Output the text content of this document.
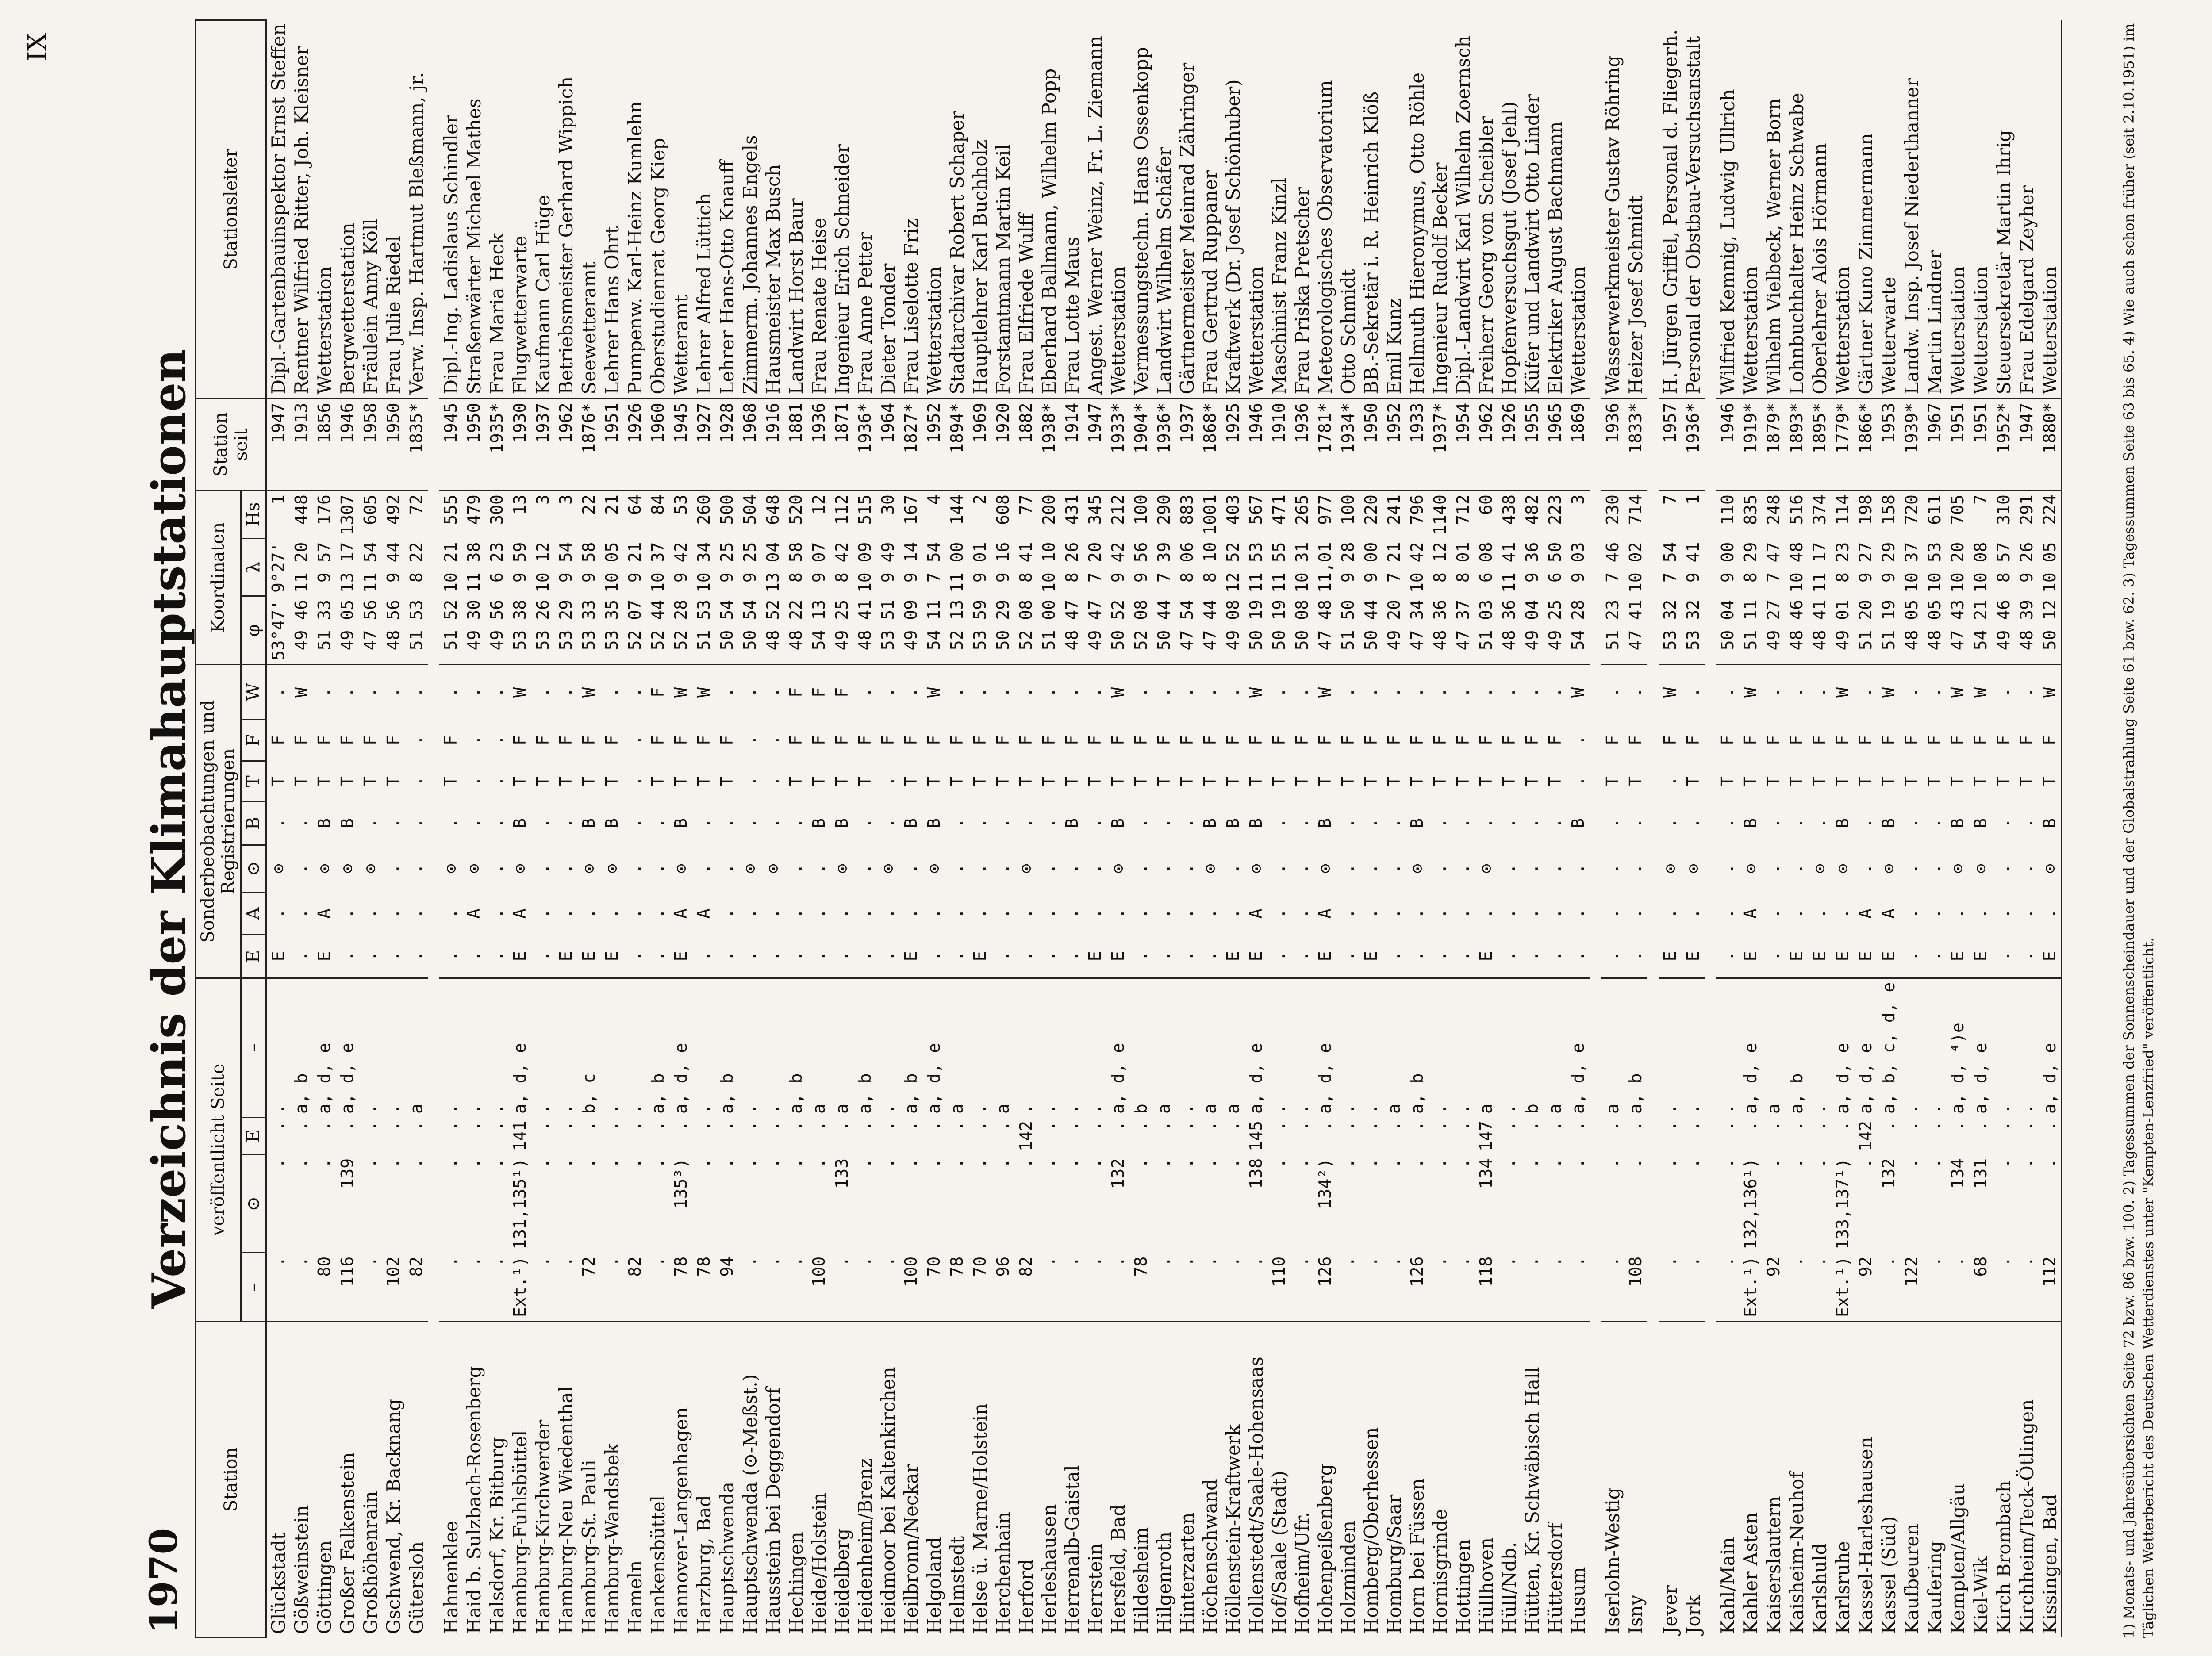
IX
1970
Verzeichnis der Klimahauptstationen
Station	veröffentlicht Seite				Sonderbeobachtungen und Registrierungen							Koordinaten			Station seit	Stationsleiter
	–	⊙	E	–	E	A	⊙	B	T	F	W	φ	λ	Hs		

Glückstadt	.	.	.	.	E	.	⊙	.	T	F	.	53°47'	9°27'	1	1947	Dipl.-Gartenbauinspektor Ernst Steffen
Gößweinstein	.	.	.	a, b	.	.	.	.	T	F	W	49 46	11 20	448	1913	Rentner Wilfried Ritter, Joh. Kleisner
Göttingen	80	.	.	a, d, e	E	A	⊙	B	T	F	.	51 33	9 57	176	1856	Wetterstation
Großer Falkenstein	116	139	.	a, d, e	.	.	⊙	B	T	F	.	49 05	13 17	1307	1946	Bergwetterstation
Großhöhenrain	.	.	.	.	.	.	⊙	.	T	F	.	47 56	11 54	605	1958	Fräulein Anny Köll
Gschwend, Kr. Backnang	102	.	.	.	.	.	.	.	T	F	.	48 56	9 44	492	1950	Frau Julie Riedel
Gütersloh	82	.	.	a	.	.	.	.	.	.	.	51 53	8 22	72	1835*	Verw. Insp. Hartmut Bleßmann, jr.

Hahnenklee	.	.	.	.	.	.	⊙	.	T	F	.	51 52	10 21	555	1945	Dipl.-Ing. Ladislaus Schindler
Haid b. Sulzbach-Rosenberg	.	.	.	.	.	A	⊙	.	.	.	.	49 30	11 38	479	1950	Straßenwärter Michael Mathes
Halsdorf, Kr. Bitburg	.	.	.	.	.	.	.	.	.	.	.	49 56	6 23	300	1935*	Frau Maria Heck
Hamburg-Fuhlsbüttel	Ext.¹)	131,135¹)	141	a, d, e	E	A	⊙	B	T	F	W	53 38	9 59	13	1930	Flugwetterwarte
Hamburg-Kirchwerder	.	.	.	.	.	.	.	.	T	F	.	53 26	10 12	3	1937	Kaufmann Carl Hüge
Hamburg-Neu Wiedenthal	.	.	.	.	E	.	.	.	T	F	.	53 29	9 54	3	1962	Betriebsmeister Gerhard Wippich
Hamburg-St. Pauli	72	.	.	b, c	E	.	⊙	B	T	F	W	53 33	9 58	22	1876*	Seewetteramt
Hamburg-Wandsbek	.	.	.	.	E	.	⊙	B	T	F	.	53 35	10 05	21	1951	Lehrer Hans Ohrt
Hameln	82	.	.	.	.	.	.	.	.	.	.	52 07	9 21	64	1926	Pumpenw. Karl-Heinz Kumlehn
Hankensbüttel	.	.	.	a, b	.	.	.	.	T	F	F	52 44	10 37	84	1960	Oberstudienrat Georg Kiep
Hannover-Langenhagen	78	135³)	.	a, d, e	E	A	⊙	B	T	F	W	52 28	9 42	53	1945	Wetteramt
Harzburg, Bad	78	.	.	.	.	A	.	.	T	F	W	51 53	10 34	260	1927	Lehrer Alfred Lüttich
Hauptschwenda	94	.	.	a, b	.	.	.	.	T	F	.	50 54	9 25	500	1928	Lehrer Hans-Otto Knauff
Hauptschwenda (⊙-Meßst.)	.	.	.	.	.	.	⊙	.	.	.	.	50 54	9 25	504	1968	Zimmerm. Johannes Engels
Hausstein bei Deggendorf	.	.	.	.	.	.	⊙	.	.	.	.	48 52	13 04	648	1916	Hausmeister Max Busch
Hechingen	.	.	.	a, b	.	.	.	.	T	F	F	48 22	8 58	520	1881	Landwirt Horst Baur
Heide/Holstein	100	.	.	a	.	.	.	B	T	F	F	54 13	9 07	12	1936	Frau Renate Heise
Heidelberg	.	133	.	a	.	.	⊙	B	T	F	F	49 25	8 42	112	1871	Ingenieur Erich Schneider
Heidenheim/Brenz	.	.	.	a, b	.	.	.	.	T	F	.	48 41	10 09	515	1936*	Frau Anne Petter
Heidmoor bei Kaltenkirchen	.	.	.	.	.	.	⊙	.	.	F	.	53 51	9 49	30	1964	Dieter Tonder
Heilbronn/Neckar	100	.	.	a, b	E	.	.	B	T	F	.	49 09	9 14	167	1827*	Frau Liselotte Friz
Helgoland	70	.	.	a, d, e	.	.	⊙	B	T	F	W	54 11	7 54	4	1952	Wetterstation
Helmstedt	78	.	.	a	.	.	.	.	T	F	.	52 13	11 00	144	1894*	Stadtarchivar Robert Schaper
Helse ü. Marne/Holstein	70	.	.	.	E	.	.	.	T	F	.	53 59	9 01	2	1969	Hauptlehrer Karl Buchholz
Herchenhain	96	.	.	a	.	.	.	.	T	F	.	50 29	9 16	608	1920	Forstamtmann Martin Keil
Herford	82	.	142	.	.	.	⊙	.	T	F	.	52 08	8 41	77	1882	Frau Elfriede Wulff
Herleshausen	.	.	.	.	.	.	.	.	T	F	.	51 00	10 10	200	1938*	Eberhard Ballmann, Wilhelm Popp
Herrenalb-Gaistal	.	.	.	.	.	.	.	B	T	F	.	48 47	8 26	431	1914	Frau Lotte Maus
Herrstein	.	.	.	.	E	.	.	.	T	F	.	49 47	7 20	345	1947	Angest. Werner Weinz, Fr. L. Ziemann
Hersfeld, Bad	.	132	.	a, d, e	E	.	⊙	B	T	F	W	50 52	9 42	212	1933*	Wetterstation
Hildesheim	78	.	.	b	.	.	.	.	T	F	.	52 08	9 56	100	1904*	Vermessungstechn. Hans Ossenkopp
Hilgenroth	.	.	.	a	.	.	.	.	T	F	.	50 44	7 39	290	1936*	Landwirt Wilhelm Schäfer
Hinterzarten	.	.	.	.	.	.	.	.	T	F	.	47 54	8 06	883	1937	Gärtnermeister Meinrad Zähringer
Höchenschwand	.	.	.	a	.	.	⊙	B	T	F	.	47 44	8 10	1001	1868*	Frau Gertrud Ruppaner
Höllenstein-Kraftwerk	.	.	.	a	E	.	.	B	T	F	.	49 08	12 52	403	1925	Kraftwerk (Dr. Josef Schönhuber)
Hollenstedt/Saale-Hohensaas	.	138	145	a, d, e	E	A	⊙	B	T	F	W	50 19	11 53	567	1946	Wetterstation
Hof/Saale (Stadt)	110	.	.	.	.	.	.	.	T	F	.	50 19	11 55	471	1910	Maschinist Franz Kinzl
Hofheim/Ufr.	.	.	.	.	.	.	.	.	T	F	.	50 08	10 31	265	1936	Frau Priska Pretscher
Hohenpeißenberg	126	134²)	.	a, d, e	E	A	⊙	B	T	F	W	47 48	11,01	977	1781*	Meteorologisches Observatorium
Holzminden	.	.	.	.	.	.	.	.	T	F	.	51 50	9 28	100	1934*	Otto Schmidt
Homberg/Oberhessen	.	.	.	.	E	.	.	.	T	F	.	50 44	9 00	220	1950	BB.-Sekretär i. R. Heinrich Klöß
Homburg/Saar	.	.	.	a	.	.	.	.	T	F	.	49 20	7 21	241	1952	Emil Kunz
Horn bei Füssen	126	.	.	a, b	.	.	⊙	B	T	F	.	47 34	10 42	796	1933	Hellmuth Hieronymus, Otto Röhle
Hornisgrinde	.	.	.	.	.	.	.	.	T	F	.	48 36	8 12	1140	1937*	Ingenieur Rudolf Becker
Hottingen	.	.	.	.	.	.	.	.	T	F	.	47 37	8 01	712	1954	Dipl.-Landwirt Karl Wilhelm Zoernsch
Hüllhoven	118	134	147	a	E	.	⊙	.	T	F	.	51 03	6 08	60	1962	Freiherr Georg von Scheibler
Hüll/Ndb.	.	.	.	.	.	.	.	.	T	F	.	48 36	11 41	438	1926	Hopfenversuchsgut (Josef Jehl)
Hütten, Kr. Schwäbisch Hall	.	.	.	b	.	.	.	.	T	F	.	49 04	9 36	482	1955	Küfer und Landwirt Otto Linder
Hüttersdorf	.	.	.	a	.	.	.	.	T	F	.	49 25	6 50	223	1965	Elektriker August Bachmann
Husum	.	.	.	a, d, e	.	.	.	B	.	.	W	54 28	9 03	3	1869	Wetterstation

Iserlohn-Westig	.	.	.	a	.	.	.	.	T	F	.	51 23	7 46	230	1936	Wasserwerkmeister Gustav Röhring
Isny	108	.	.	a, b	.	.	.	.	T	F	.	47 41	10 02	714	1833*	Heizer Josef Schmidt

Jever	.	.	.	.	E	.	⊙	.	.	F	W	53 32	7 54	7	1957	H. Jürgen Griffel, Personal d. Fliegerh.
Jork	.	.	.	.	E	.	⊙	.	T	F	.	53 32	9 41	1	1936*	Personal der Obstbau-Versuchsanstalt

Kahl/Main	.	.	.	.	.	.	.	.	T	F	.	50 04	9 00	110	1946	Wilfried Kemnig, Ludwig Ullrich
Kahler Asten	Ext.¹)	132,136¹)	.	a, d, e	E	A	⊙	B	T	F	W	51 11	8 29	835	1919*	Wetterstation
Kaiserslautern	92	.	.	a	.	.	.	.	T	F	.	49 27	7 47	248	1879*	Wilhelm Vielbeck, Werner Born
Kaisheim-Neuhof	.	.	.	a, b	E	.	.	.	T	F	.	48 46	10 48	516	1893*	Lohnbuchhalter Heinz Schwabe
Karlshuld	.	.	.	.	E	.	⊙	.	T	F	.	48 41	11 17	374	1895*	Oberlehrer Alois Hörmann
Karlsruhe	Ext.¹)	133,137¹)	.	a, d, e	E	.	⊙	B	T	F	W	49 01	8 23	114	1779*	Wetterstation
Kassel-Harleshausen	92	.	142	a, d, e	E	A	.	.	T	F	.	51 20	9 27	198	1866*	Gärtner Kuno Zimmermann
Kassel (Süd)	.	132	.	a, b, c, d, e	E	A	⊙	B	T	F	W	51 19	9 29	158	1953	Wetterwarte
Kaufbeuren	122	.	.	.	.	.	.	.	T	F	.	48 05	10 37	720	1939*	Landw. Insp. Josef Niederthanner
Kaufering	.	.	.	.	.	.	.	.	T	F	.	48 05	10 53	611	1967	Martin Lindner
Kempten/Allgäu	.	134	.	a, d, ⁴)e	E	.	⊙	B	T	F	W	47 43	10 20	705	1951	Wetterstation
Kiel-Wik	68	131	.	a, d, e	E	.	⊙	B	T	F	W	54 21	10 08	7	1951	Wetterstation
Kirch Brombach	.	.	.	.	.	.	.	.	T	F	.	49 46	8 57	310	1952*	Steuersekretär Martin Ihrig
Kirchheim/Teck-Ötlingen	.	.	.	.	.	.	.	.	T	F	.	48 39	9 26	291	1947	Frau Edelgard Zeyher
Kissingen, Bad	112	.	.	a, d, e	E	.	⊙	B	T	F	W	50 12	10 05	224	1880*	Wetterstation	1) Monats- und Jahresübersichten Seite 72 bzw. 86 bzw. 100. 2) Tagessummen der Sonnenscheindauer und der Globalstrahlung Seite 61 bzw. 62. 3) Tagessummen Seite 63 bis 65. 4) Wie auch schon früher (seit 2.10.1951) im Täglichen Wetterbericht des Deutschen Wetterdienstes unter "Kempten-Lenzfried" veröffentlicht.
